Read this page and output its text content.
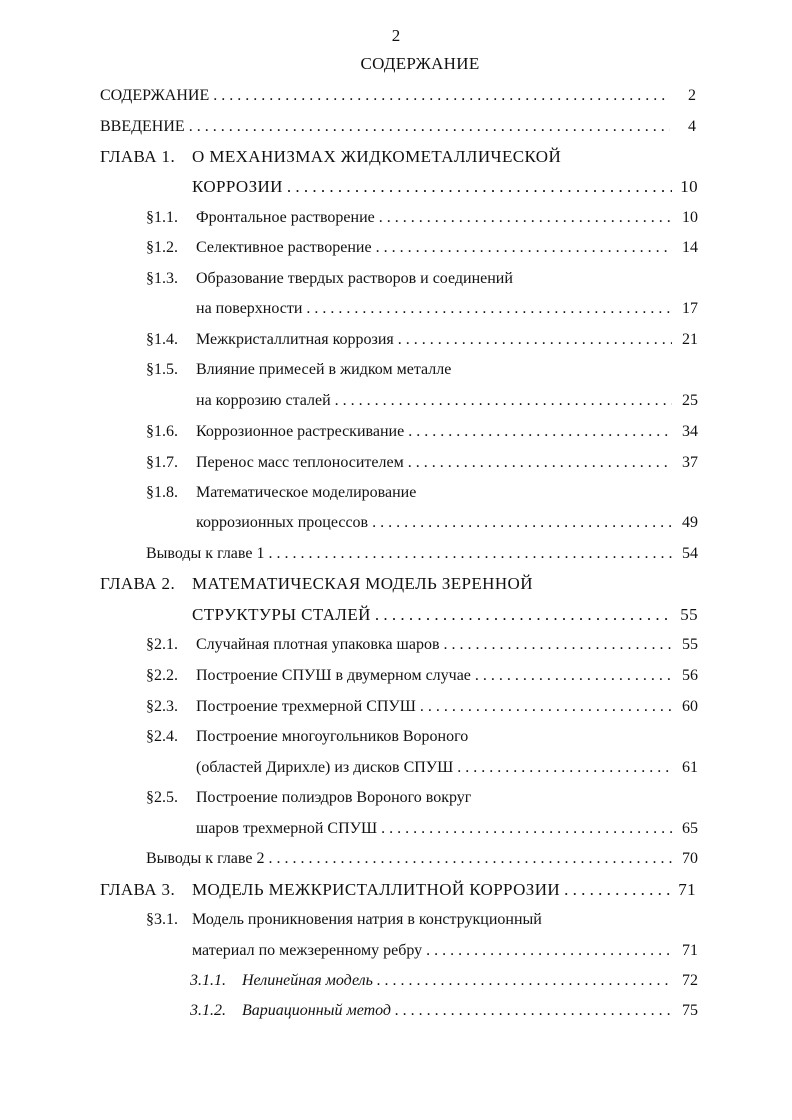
2
СОДЕРЖАНИЕ
СОДЕРЖАНИЕ . . .	2
ВВЕДЕНИЕ . . .	4
ГЛАВА 1. О МЕХАНИЗМАХ ЖИДКОМЕТАЛЛИЧЕСКОЙ
КОРРОЗИИ . . .	10
§1.1.	Фронтальное растворение . . .	10
§1.2.	Селективное растворение . . .	14
§1.3.	Образование твердых растворов и соединений
на поверхности . . .	17
§1.4.	Межкристаллитная коррозия . . .	21
§1.5.	Влияние примесей в жидком металле
на коррозию сталей . . .	25
§1.6.	Коррозионное растрескивание . . .	34
§1.7.	Перенос масс теплоносителем . . .	37
§1.8.	Математическое моделирование
коррозионных процессов . . .	49
Выводы к главе 1 . . .	54
ГЛАВА 2. МАТЕМАТИЧЕСКАЯ МОДЕЛЬ ЗЕРЕННОЙ
СТРУКТУРЫ СТАЛЕЙ . . .	55
§2.1.	Случайная плотная упаковка шаров . . .	55
§2.2.	Построение СПУШ в двумерном случае . . .	56
§2.3.	Построение трехмерной СПУШ . . .	60
§2.4.	Построение многоугольников Вороного
(областей Дирихле) из дисков СПУШ . . .	61
§2.5.	Построение полиэдров Вороного вокруг
шаров трехмерной СПУШ . . .	65
Выводы к главе 2 . . .	70
ГЛАВА 3. МОДЕЛЬ МЕЖКРИСТАЛЛИТНОЙ КОРРОЗИИ . . .	71
§3.1. Модель проникновения натрия в конструкционный
материал по межзеренному ребру . . .	71
3.1.1.	Нелинейная модель . . .	72
3.1.2.	Вариационный метод . . .	75
